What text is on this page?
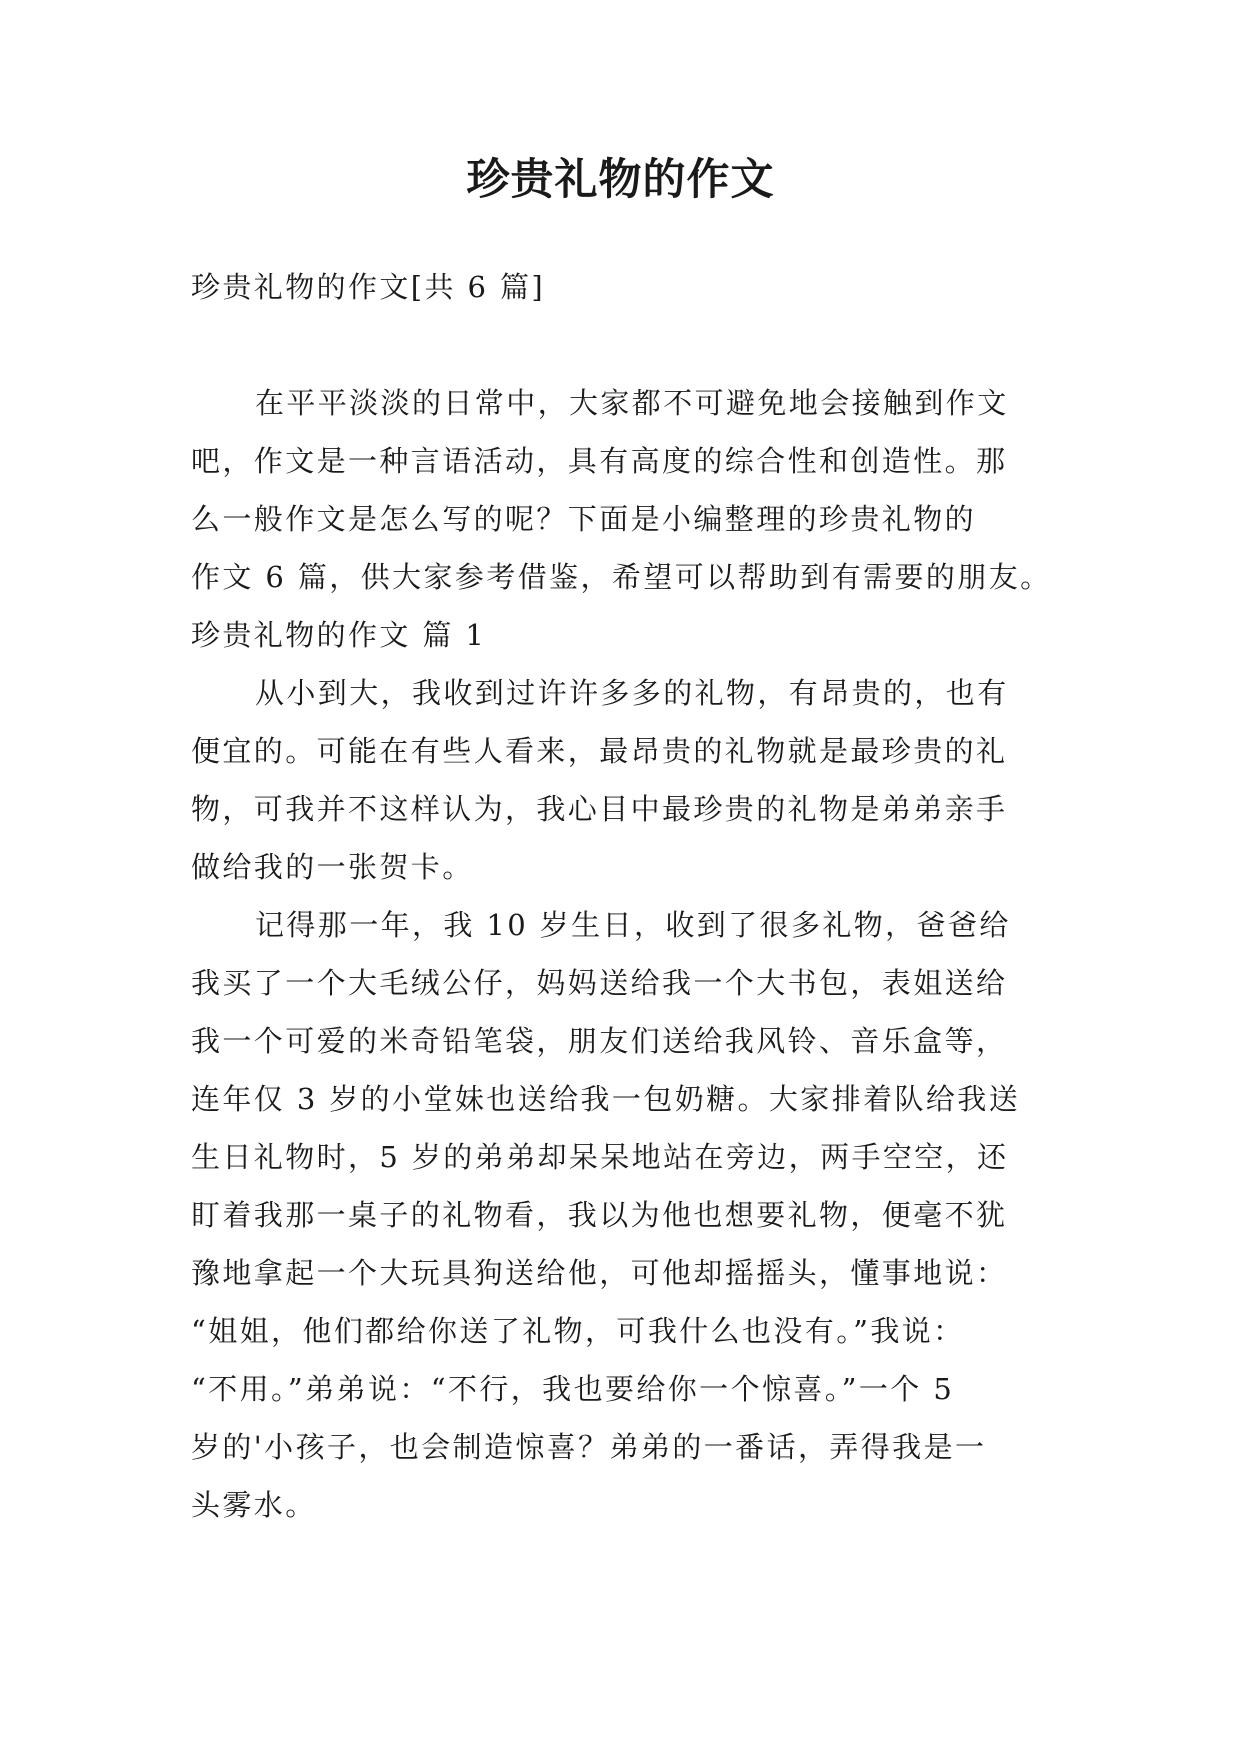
珍贵礼物的作文
珍贵礼物的作文[共 6 篇]
在平平淡淡的日常中，大家都不可避免地会接触到作文
吧，作文是一种言语活动，具有高度的综合性和创造性。那
么一般作文是怎么写的呢？下面是小编整理的珍贵礼物的
作文 6 篇，供大家参考借鉴，希望可以帮助到有需要的朋友。
珍贵礼物的作文 篇 1
从小到大，我收到过许许多多的礼物，有昂贵的，也有
便宜的。可能在有些人看来，最昂贵的礼物就是最珍贵的礼
物，可我并不这样认为，我心目中最珍贵的礼物是弟弟亲手
做给我的一张贺卡。
记得那一年，我 10 岁生日，收到了很多礼物，爸爸给
我买了一个大毛绒公仔，妈妈送给我一个大书包，表姐送给
我一个可爱的米奇铅笔袋，朋友们送给我风铃、音乐盒等，
连年仅 3 岁的小堂妹也送给我一包奶糖。大家排着队给我送
生日礼物时，5 岁的弟弟却呆呆地站在旁边，两手空空，还
盯着我那一桌子的礼物看，我以为他也想要礼物，便毫不犹
豫地拿起一个大玩具狗送给他，可他却摇摇头，懂事地说：
“姐姐，他们都给你送了礼物，可我什么也没有。”我说：
“不用。”弟弟说：“不行，我也要给你一个惊喜。”一个 5
岁的'小孩子，也会制造惊喜？弟弟的一番话，弄得我是一
头雾水。
